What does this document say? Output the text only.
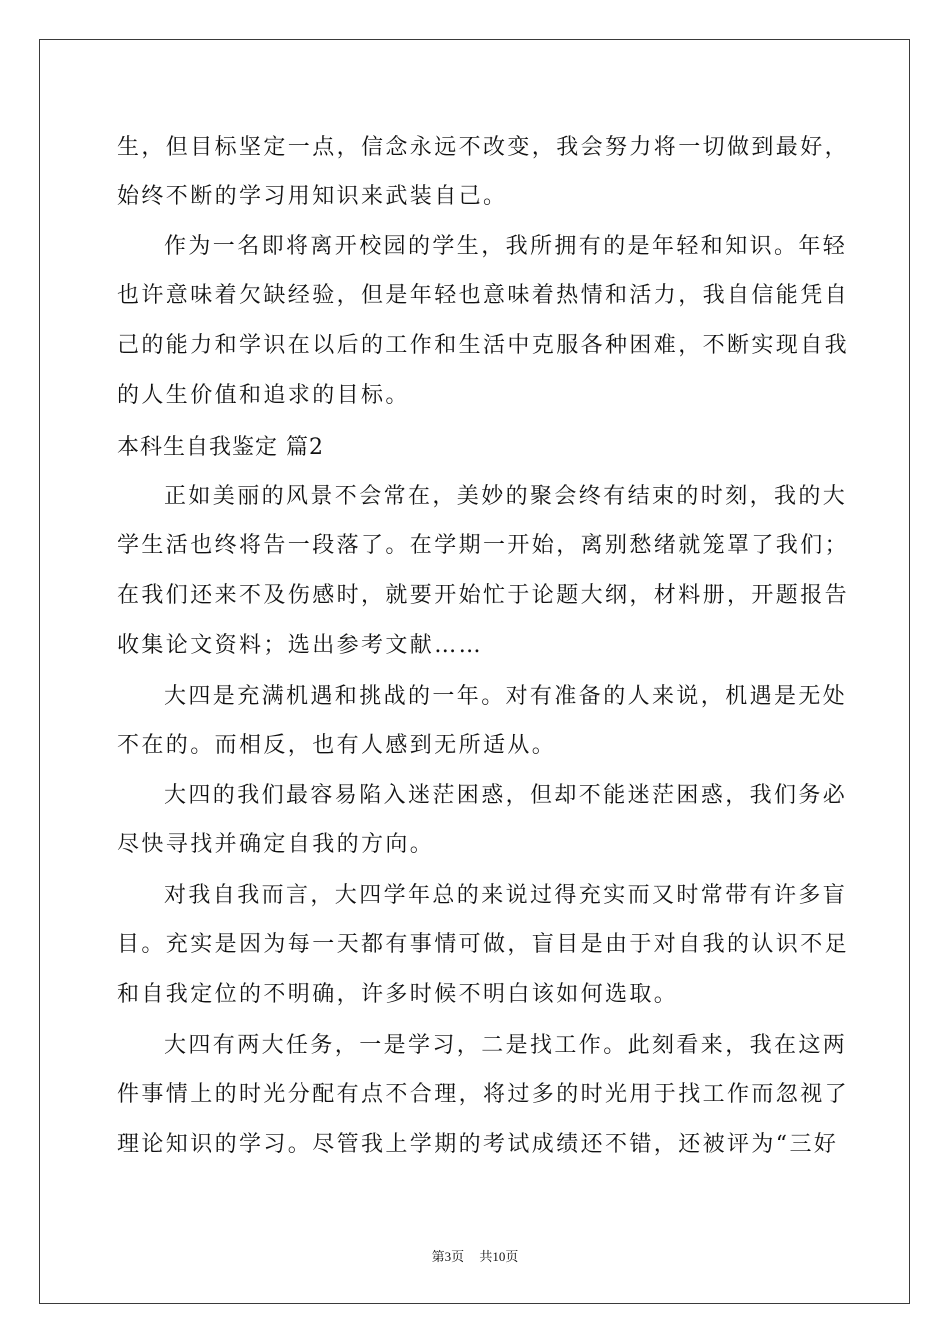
生，但目标坚定一点，信念永远不改变，我会努力将一切做到最好，

始终不断的学习用知识来武装自己。

作为一名即将离开校园的学生，我所拥有的是年轻和知识。年轻

也许意味着欠缺经验，但是年轻也意味着热情和活力，我自信能凭自

己的能力和学识在以后的工作和生活中克服各种困难，不断实现自我

的人生价值和追求的目标。

本科生自我鉴定 篇2

正如美丽的风景不会常在，美妙的聚会终有结束的时刻，我的大

学生活也终将告一段落了。在学期一开始，离别愁绪就笼罩了我们；

在我们还来不及伤感时，就要开始忙于论题大纲，材料册，开题报告

收集论文资料；选出参考文献……

大四是充满机遇和挑战的一年。对有准备的人来说，机遇是无处

不在的。而相反，也有人感到无所适从。

大四的我们最容易陷入迷茫困惑，但却不能迷茫困惑，我们务必

尽快寻找并确定自我的方向。

对我自我而言，大四学年总的来说过得充实而又时常带有许多盲

目。充实是因为每一天都有事情可做，盲目是由于对自我的认识不足

和自我定位的不明确，许多时候不明白该如何选取。

大四有两大任务，一是学习，二是找工作。此刻看来，我在这两

件事情上的时光分配有点不合理，将过多的时光用于找工作而忽视了

理论知识的学习。尽管我上学期的考试成绩还不错，还被评为“三好

第3页 共10页
